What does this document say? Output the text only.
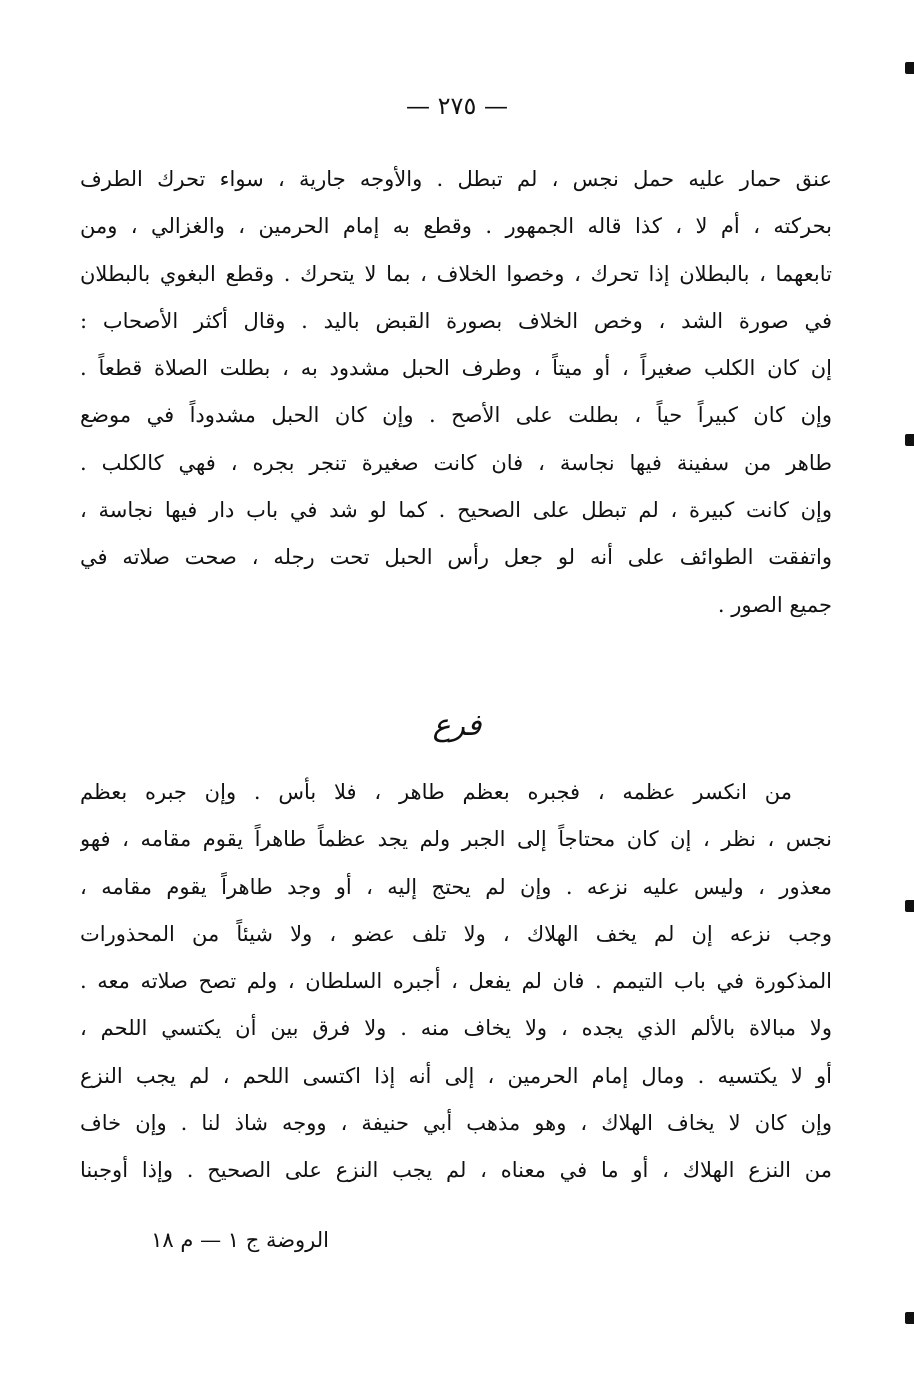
— ٢٧٥ —
عنق حمار عليه حمل نجس ، لم تبطل . والأوجه جارية ، سواء تحرك الطرف
بحركته ، أم لا ، كذا قاله الجمهور . وقطع به إمام الحرمين ، والغزالي ، ومن
تابعهما ، بالبطلان إذا تحرك ، وخصوا الخلاف ، بما لا يتحرك . وقطع البغوي بالبطلان
في صورة الشد ، وخص الخلاف بصورة القبض باليد . وقال أكثر الأصحاب :
إن كان الكلب صغيراً ، أو ميتاً ، وطرف الحبل مشدود به ، بطلت الصلاة قطعاً .
وإن كان كبيراً حياً ، بطلت على الأصح . وإن كان الحبل مشدوداً في موضع
طاهر من سفينة فيها نجاسة ، فان كانت صغيرة تنجر بجره ، فهي كالكلب .
وإن كانت كبيرة ، لم تبطل على الصحيح . كما لو شد في باب دار فيها نجاسة ،
واتفقت الطوائف على أنه لو جعل رأس الحبل تحت رجله ، صحت صلاته في
جميع الصور .
فرع
من انكسر عظمه ، فجبره بعظم طاهر ، فلا بأس . وإن جبره بعظم
نجس ، نظر ، إن كان محتاجاً إلى الجبر ولم يجد عظماً طاهراً يقوم مقامه ، فهو
معذور ، وليس عليه نزعه . وإن لم يحتج إليه ، أو وجد طاهراً يقوم مقامه ،
وجب نزعه إن لم يخف الهلاك ، ولا تلف عضو ، ولا شيئاً من المحذورات
المذكورة في باب التيمم . فان لم يفعل ، أجبره السلطان ، ولم تصح صلاته معه .
ولا مبالاة بالألم الذي يجده ، ولا يخاف منه . ولا فرق بين أن يكتسي اللحم ،
أو لا يكتسيه . ومال إمام الحرمين ، إلى أنه إذا اكتسى اللحم ، لم يجب النزع
وإن كان لا يخاف الهلاك ، وهو مذهب أبي حنيفة ، ووجه شاذ لنا . وإن خاف
من النزع الهلاك ، أو ما في معناه ، لم يجب النزع على الصحيح . وإذا أوجبنا
الروضة ج ١ — م ١٨
